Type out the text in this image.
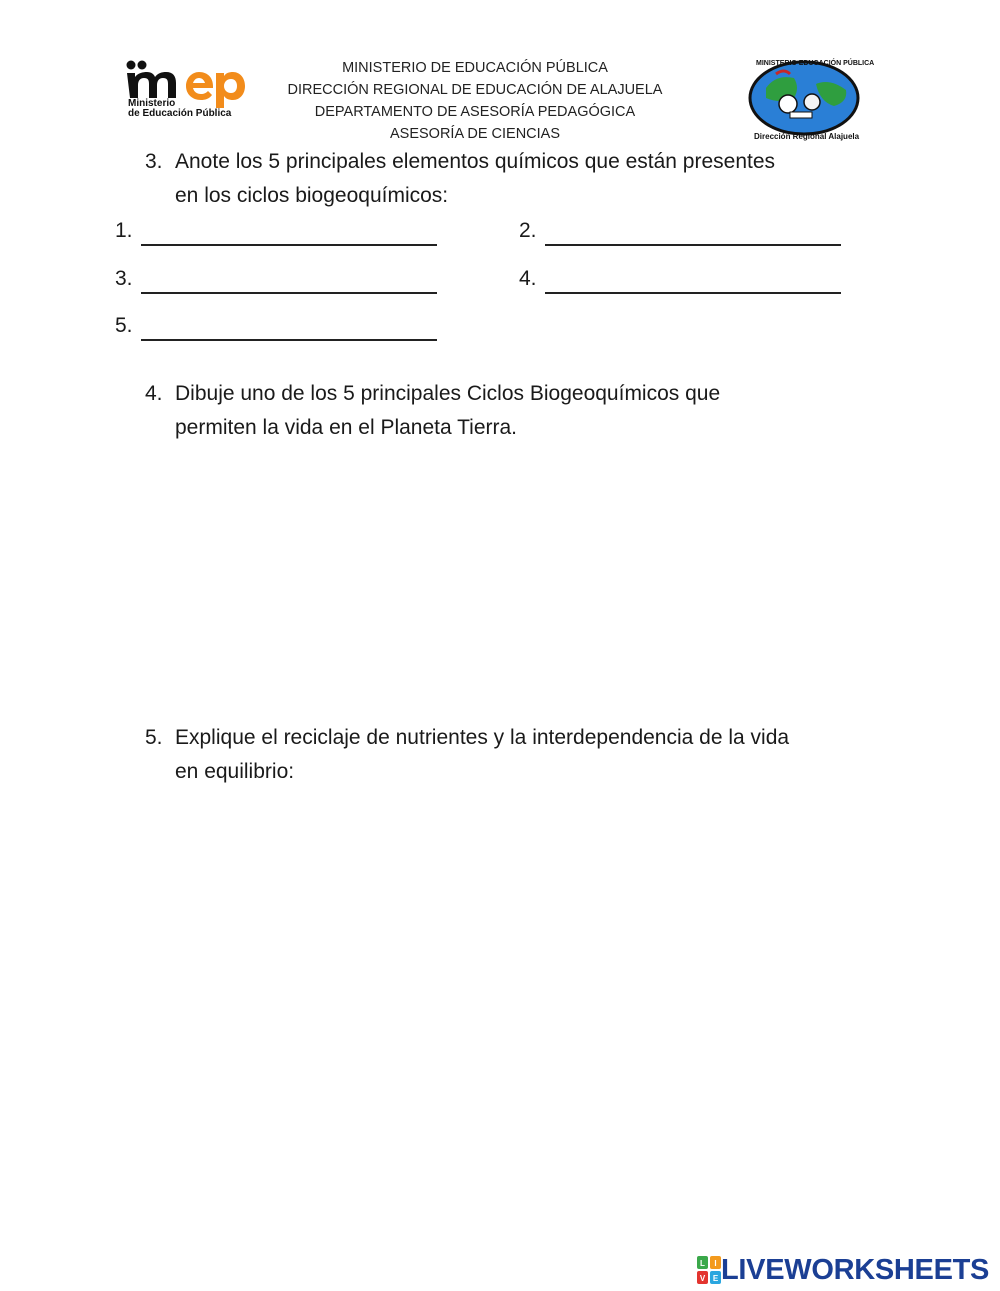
Ministerio
de Educación Pública
MINISTERIO DE EDUCACIÓN PÚBLICA
DIRECCIÓN REGIONAL DE EDUCACIÓN DE ALAJUELA
DEPARTAMENTO DE ASESORÍA PEDAGÓGICA
ASESORÍA DE CIENCIAS
MINISTERIO EDUCACIÓN PÚBLICA
Dirección Regional Alajuela
3. Anote los 5 principales elementos químicos que están presentes
en los ciclos biogeoquímicos:
1.	2.
3.	4.
5.
4. Dibuje uno de los 5 principales Ciclos Biogeoquímicos que
permiten la vida en el Planeta Tierra.
5. Explique el reciclaje de nutrientes y la interdependencia de la vida
en equilibrio:
L I
V E LIVEWORKSHEETS
